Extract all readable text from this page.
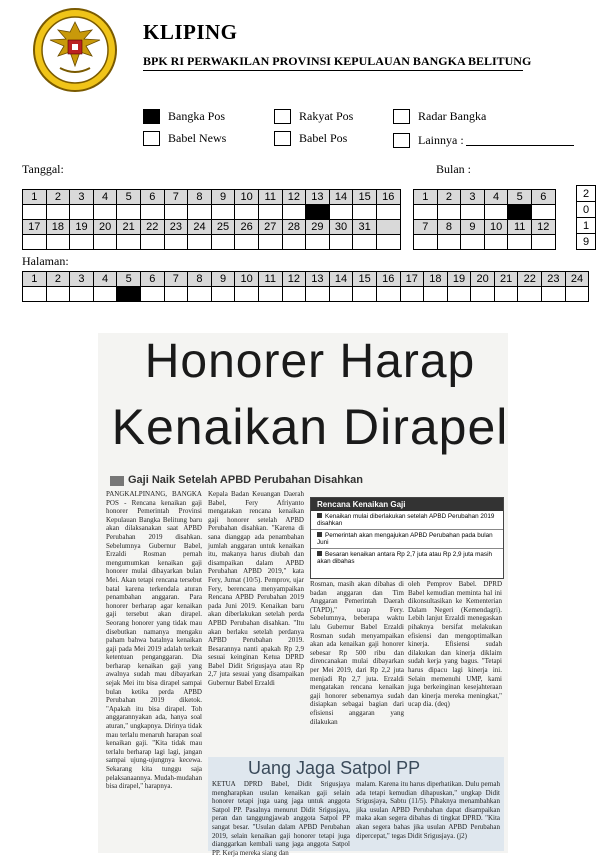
KLIPING
BPK RI PERWAKILAN PROVINSI KEPULAUAN BANGKA BELITUNG
Bangka Pos	Rakyat Pos	Radar Bangka
Babel News	Babel Pos	Lainnya :
Tanggal:
1	2	3	4	5	6	7	8	9	10	11	12	13	14	15	16

17	18	19	20	21	22	23	24	25	26	27	28	29	30	31	

Bulan :
1	2	3	4	5	6

7	8	9	10	11	12

2
0
1
9
Halaman:
1	2	3	4	5	6	7	8	9	10	11	12	13	14	15	16	17	18	19	20	21	22	23	24

Honorer Harap
Kenaikan Dirapel
Gaji Naik Setelah APBD Perubahan Disahkan
PANGKALPINANG, BANGKA POS - Rencana kenaikan gaji honorer Pemerintah Provinsi Kepulauan Bangka Belitung baru akan dilaksanakan saat APBD Perubahan 2019 disahkan. Sebelumnya Gubernur Babel, Erzaldi Rosman pernah mengumumkan kenaikan gaji honorer mulai dibayarkan bulan Mei. Akan tetapi rencana tersebut batal karena terkendala aturan penambahan anggaran. Para honorer berharap agar kenaikan gaji tersebut akan dirapel. Seorang honorer yang tidak mau disebutkan namanya mengaku paham bahwa batalnya kenaikan gaji pada Mei 2019 adalah terkait ketentuan penganggaran. Dia berharap kenaikan gaji yang awalnya sudah mau dibayarkan sejak Mei itu bisa dirapel sampai bulan ketika perda APBD Perubahan 2019 diketok. "Apakah itu bisa dirapel. Toh anggarannyakan ada, hanya soal aturan," ungkapnya. Dirinya tidak mau terlalu menaruh harapan soal kenaikan gaji. "Kita tidak mau terlalu berharap lagi lagi, jangan sampai ujung-ujungnya kecewa. Sekarang kita tunggu saja pelaksanaannya. Mudah-mudahan bisa dirapel," harapnya.
Kepala Badan Keuangan Daerah Babel, Fery Afriyanto mengatakan rencana kenaikan gaji honorer setelah APBD Perubahan disahkan. "Karena di sana dianggap ada penambahan jumlah anggaran untuk kenaikan itu, makanya harus diubah dan disampaikan dalam APBD Perubahan APBD 2019," kata Fery, Jumat (10/5). Pemprov, ujar Fery, berencana menyampaikan Rencana APBD Perubahan 2019 pada Juni 2019. Kenaikan baru akan diberlakukan setelah perda APBD Perubahan disahkan. "Itu akan berlaku setelah perdanya APBD Perubahan 2019. Besarannya nanti apakah Rp 2,9 sesuai keinginan Ketua DPRD Babel Didit Srigusjaya atau Rp 2,7 juta sesuai yang disampaikan Gubernur Babel Erzaldi
Rencana Kenaikan Gaji
Kenaikan mulai diberlakukan setelah APBD Perubahan 2019 disahkan
Pemerintah akan mengajukan APBD Perubahan pada bulan Juni
Besaran kenaikan antara Rp 2,7 juta atau Rp 2,9 juta masih akan dibahas
Rosman, masih akan dibahas di badan anggaran dan Tim Anggaran Pemerintah Daerah (TAPD)," ucap Fery. Sebelumnya, beberapa waktu lalu Gubernur Babel Erzaldi Rosman sudah menyampaikan akan ada kenaikan gaji honorer sebesar Rp 500 ribu dan direncanakan mulai dibayarkan per Mei 2019, dari Rp 2,2 juta menjadi Rp 2,7 juta. Erzaldi mengatakan rencana kenaikan gaji honorer sebenarnya sudah disiapkan sebagai bagian dari efisiensi anggaran yang dilakukan
oleh Pemprov Babel. DPRD Babel kemudian meminta hal ini dikonsultasikan ke Kementerian Dalam Negeri (Kemendagri). Lebih lanjut Erzaldi menegaskan pihaknya bersifat melakukan efisiensi dan mengoptimalkan kinerja. Efisiensi sudah dilakukan dan kinerja diklaim sudah kerja yang bagus. "Tetapi harus dipacu lagi kinerja ini. Selain memenuhi UMP, kami juga berkeinginan kesejahteraan dan kinerja mereka meningkat," ucap dia. (deq)
Uang Jaga Satpol PP
KETUA DPRD Babel, Didit Srigusjaya mengharapkan usulan kenaikan gaji selain honorer tetapi juga uang jaga untuk anggota Satpol PP. Pasalnya menurut Didit Srigusjaya, peran dan tanggungjawab anggota Satpol PP sangat besar. "Usulan dalam APBD Perubahan 2019, selain kenaikan gaji honorer tetapi juga dianggarkan kembali uang jaga anggota Satpol PP. Kerja mereka siang dan
malam. Karena itu harus diperhatikan. Dulu pernah ada tetapi kemudian dihapuskan," ungkap Didit Srigusjaya, Sabtu (11/5). Pihaknya menambahkan jika usulan APBD Perubahan dapat disampaikan maka akan segera dibahas di tingkat DPRD. "Kita akan segera bahas jika usulan APBD Perubahan dipercepat," tegas Didit Srigusjaya. (j2)
